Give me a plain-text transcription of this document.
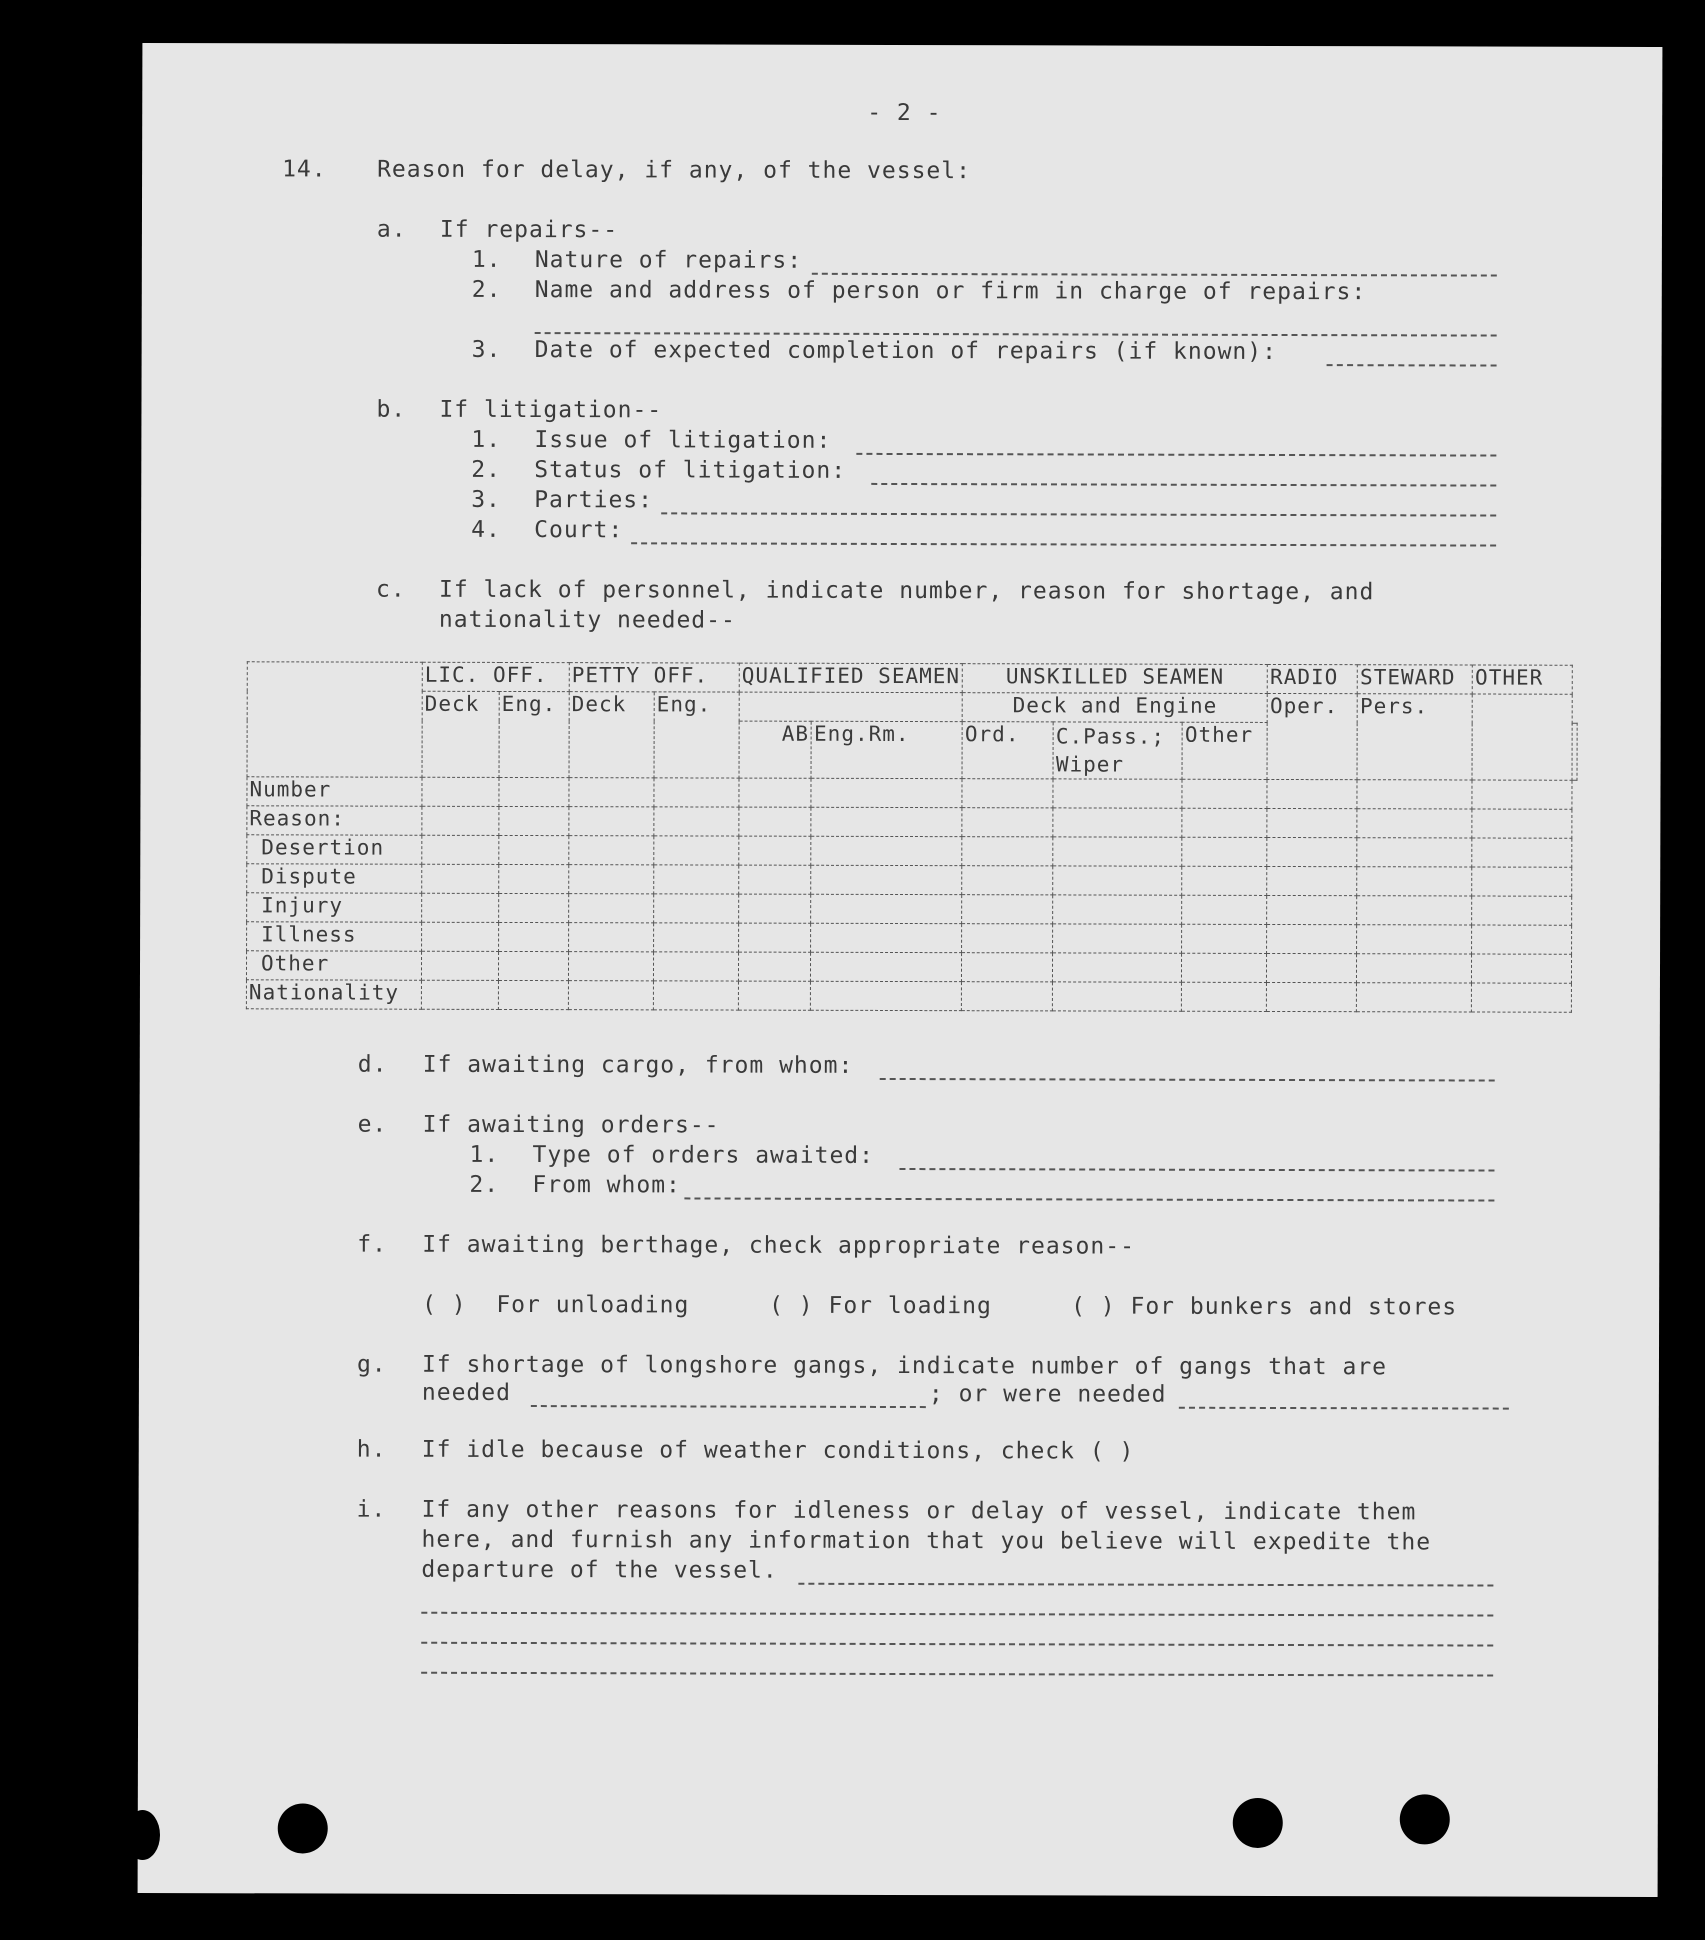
- 2 -
14. Reason for delay, if any, of the vessel:
a. If repairs--
1. Nature of repairs:
2. Name and address of person or firm in charge of repairs:
3. Date of expected completion of repairs (if known):
b. If litigation--
1. Issue of litigation:
2. Status of litigation:
3. Parties:
4. Court:
c. If lack of personnel, indicate number, reason for shortage, and
nationality needed--
	LIC. OFF.		PETTY OFF.		QUALIFIED SEAMEN		UNSKILLED SEAMEN			RADIO	STEWARD	OTHER	
	Deck	Eng.	Deck	Eng.			Deck and Engine			Oper.	Pers.		
					AB	Eng.Rm.	Ord.	C.Pass.; Wiper	Other				

Number													
Reason:													
Desertion													
Dispute													
Injury													
Illness													
Other													
Nationality													
d. If awaiting cargo, from whom:
e. If awaiting orders--
1. Type of orders awaited:
2. From whom:
f. If awaiting berthage, check appropriate reason--
( )  For unloading	( ) For loading	( ) For bunkers and stores
g. If shortage of longshore gangs, indicate number of gangs that are
needed	; or were needed
h. If idle because of weather conditions, check ( )
i. If any other reasons for idleness or delay of vessel, indicate them
here, and furnish any information that you believe will expedite the
departure of the vessel.
